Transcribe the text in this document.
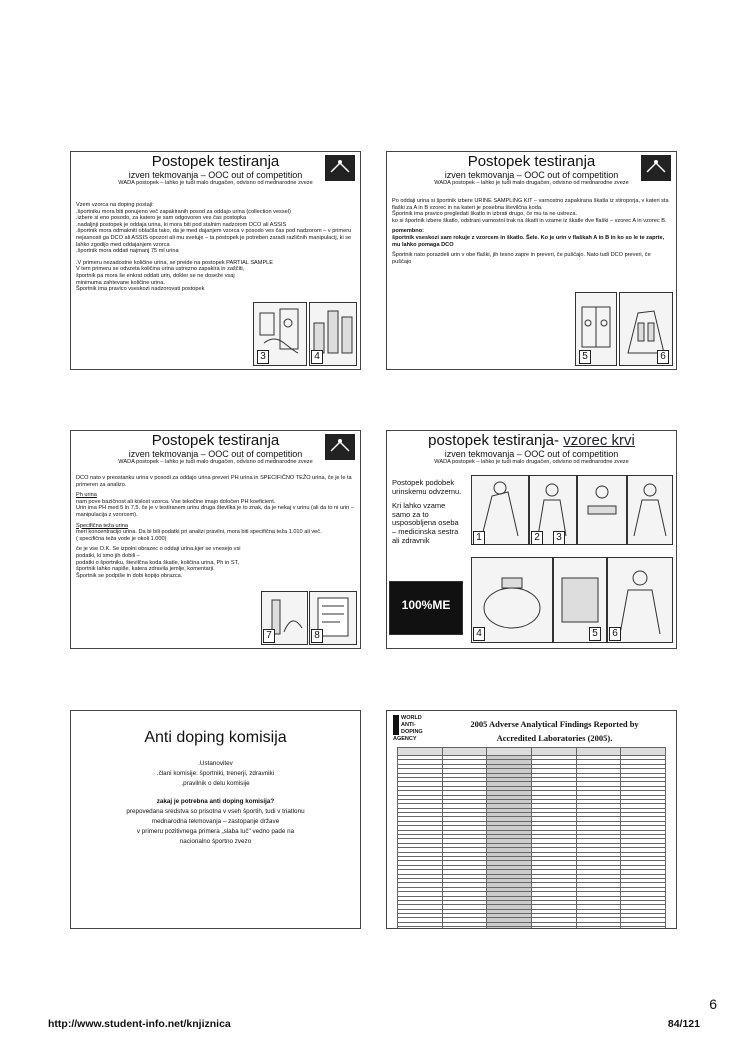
Postopek testiranja
izven tekmovanja – OOC out of competition
WADA postopek – lahko je tudi malo drugačen, odvisno od mednarodne zveze
Vzem vzorca na doping postaji:
.športniku mora biti ponujeno več zapakiranih posod za oddajo urina (collection vessel)
.izbere si eno posodo, za katero je sam odgovoren ves čas postopka
.nadaljnji postopek je oddaja urina, ki mora biti pod stalnim nadzorom DCO ali ASSIS
.športnik mora odmakniti oblačila tako, da je med dajanjem vzorca v posodo ves čas pod nadzorom – v primeru nejasnosti ga DCO ali ASSIS opozori ali mu svetuje – ta postopek je potreben zaradi različnih manipulacij, ki se lahko zgodijo med oddajanjem vzorca
.športnik mora oddati najmanj 75 ml urina
.V primeru nezadostne količine urina, se preide na postopek PARTIAL SAMPLE
V tem primeru se odvzeta količina urina ustrezno zapakira in zaščiti, športnik pa mora še enkrat oddati urin, dokler se ne doseže vsaj minimuma zahtevane količine urina.
Športnik ima pravico vseskozi nadzorovati postopek
3	4
Postopek testiranja
izven tekmovanja – OOC out of competition
WADA postopek – lahko je tudi malo drugačen, odvisno od mednarodne zveze

Po oddaji urina si športnik izbere URINE SAMPLING KIT – varnostno zapakirana škatla iz stiroporja, v kateri sta flaški za A in B vzorec in na kateri je posebna številčna koda.

Športnik ima pravico pregledati škatlo in izbrati drugo, če mu ta ne ustreza.

ko si športnik izbere škatlo, odstrani varnostni trak na škatli in vzame iz škatle dve flaški – vzorec A in vzorec B.

pomembno:

športnik vseskozi sam rokuje z vzorcem in škatlo. Šele. Ko je urin v flaškah A in B in ko so le te zaprte, mu lahko pomaga DCO

Športnik nato porazdeli urin v obe flaški, jih tesno zapre in preveri, če puščajo. Nato tudi DCO preveri, če puščajo

5	6
Postopek testiranja
izven tekmovanja – OOC out of competition
WADA postopek – lahko je tudi malo drugačen, odvisno od mednarodne zveze

DCO nato v preostanku urina v posodi za oddajo urina preveri PH urina in SPECIFIČNO TEŽO urina, če je le ta primeren za analizo.

Ph urina
nam pove bazičnost ali kislost vzorca. Vse tekočine imajo določen PH koeficient.

Urin ima PH med 5 in 7,5. če je v testiranem urinu druga številka je to znak, da je nekaj v urinu (ali da to ni urin – manipulacija z vzorcem).

Specifična teža urina
meri koncentracijo urina. Da bi bili podatki pri analizi pravilni, mora biti specifična teža 1.010 ali več.

( specifična teža vode je okoli 1.000)

če je vse O.K. Se izpolni obrazec o oddaji urina,kjer se vnesejo vsi podatki, ki smo jih dobili –
podatki o športniku, številčna koda škatle, količina urina, Ph in ST, športnik lahko napiše, katera zdravila jemlje, komentarji.
Športnik se podpiše in dobi kopijo obrazca.
7	8
postopek testiranja- vzorec krvi
izven tekmovanja – OOC out of competition
WADA postopek – lahko je tudi malo drugačen, odvisno od mednarodne zveze

Postopek podobek urinskemu odvzemu.

Kri lahko vzame samo za to usposobljena oseba – medicinska sestra ali zdravnik	1	2
100%ME
4	5	6
3
Anti doping komisija
.Ustanovitev
.člani komisije: športniki, trenerji, zdravniki
.pravilnik o delu komisije
zakaj je potrebna anti doping komisija?
prepovedana sredstva so prisotna v vseh športih, tudi v triatlonu
mednarodna tekmovanja – zastopanje države
v primeru pozitivnega primera „slaba luč" vedno pade na
nacionalno športno zvezo
WORLD
ANTI-DOPING
AGENCY
2005 Adverse Analytical Findings Reported by
Accredited Laboratories (2005).

6
http://www.student-info.net/knjiznica	84/121
